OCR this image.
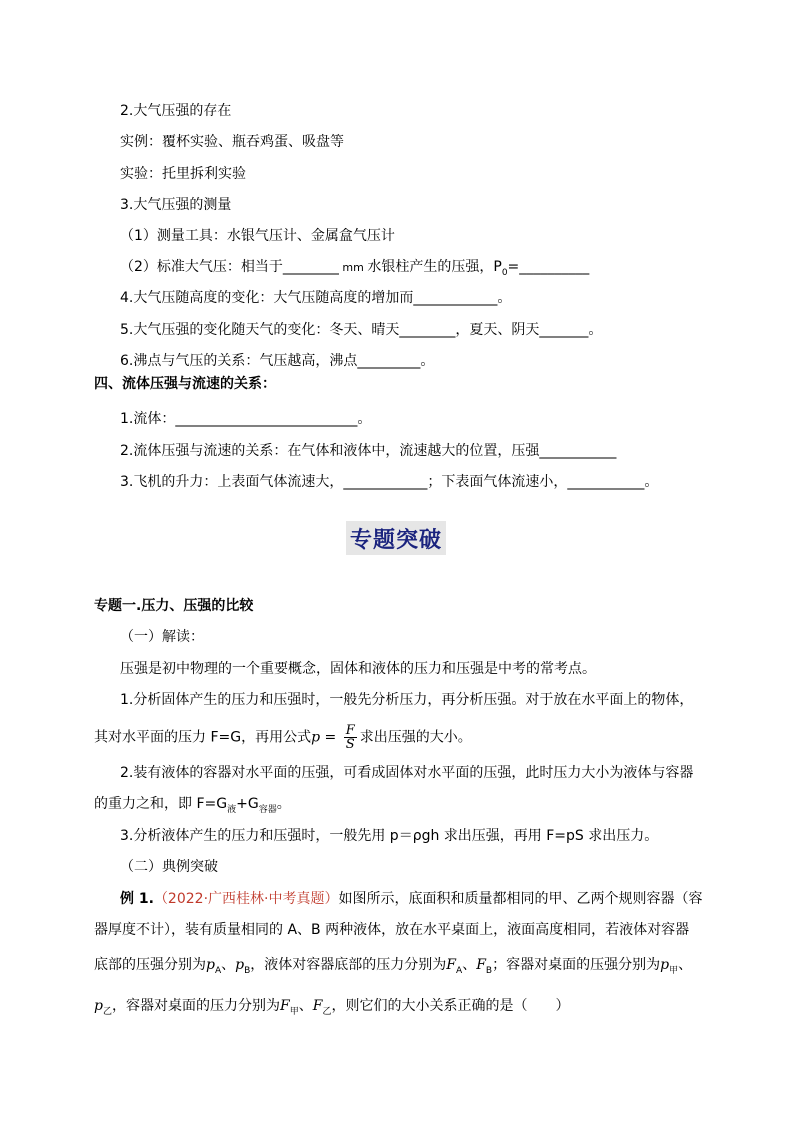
2.大气压强的存在
实例：覆杯实验、瓶吞鸡蛋、吸盘等
实验：托里拆利实验
3.大气压强的测量
（1）测量工具：水银气压计、金属盒气压计
（2）标准大气压：相当于________ mm 水银柱产生的压强，$P_0=\_\_\_\_\_\_\_\_\_\_$
4.大气压随高度的变化：大气压随高度的增加而____________。
5.大气压强的变化随天气的变化：冬天、晴天________，夏天、阴天_______。
6.沸点与气压的关系：气压越高，沸点_________。
四、流体压强与流速的关系：
1.流体：__________________________。
2.流体压强与流速的关系：在气体和液体中，流速越大的位置，压强___________
3.飞机的升力：上表面气体流速大，____________；下表面气体流速小，___________。
专题突破
专题一.压力、压强的比较
（一）解读：
压强是初中物理的一个重要概念，固体和液体的压力和压强是中考的常考点。
1.分析固体产生的压力和压强时，一般先分析压力，再分析压强。对于放在水平面上的物体，
其对水平面的压力 F=G，再用公式$p = \frac{F}{S}$ 求出压强的大小。
2.装有液体的容器对水平面的压强，可看成固体对水平面的压强，此时压力大小为液体与容器
的重力之和，即 $F=G_液+G_{容器}$。
3.分析液体产生的压力和压强时，一般先用 p＝ρgh 求出压强，再用 F=pS 求出压力。
（二）典例突破
例 1.（2022·广西桂林·中考真题）如图所示，底面积和质量都相同的甲、乙两个规则容器（容
器厚度不计），装有质量相同的 A、B 两种液体，放在水平桌面上，液面高度相同，若液体对容器
底部的压强分别为$p_A$、$p_B$，液体对容器底部的压力分别为$F_A$、$F_B$；容器对桌面的压强分别为$p_甲$、
$p_乙$，容器对桌面的压力分别为$F_甲$、$F_乙$，则它们的大小关系正确的是（　　）
